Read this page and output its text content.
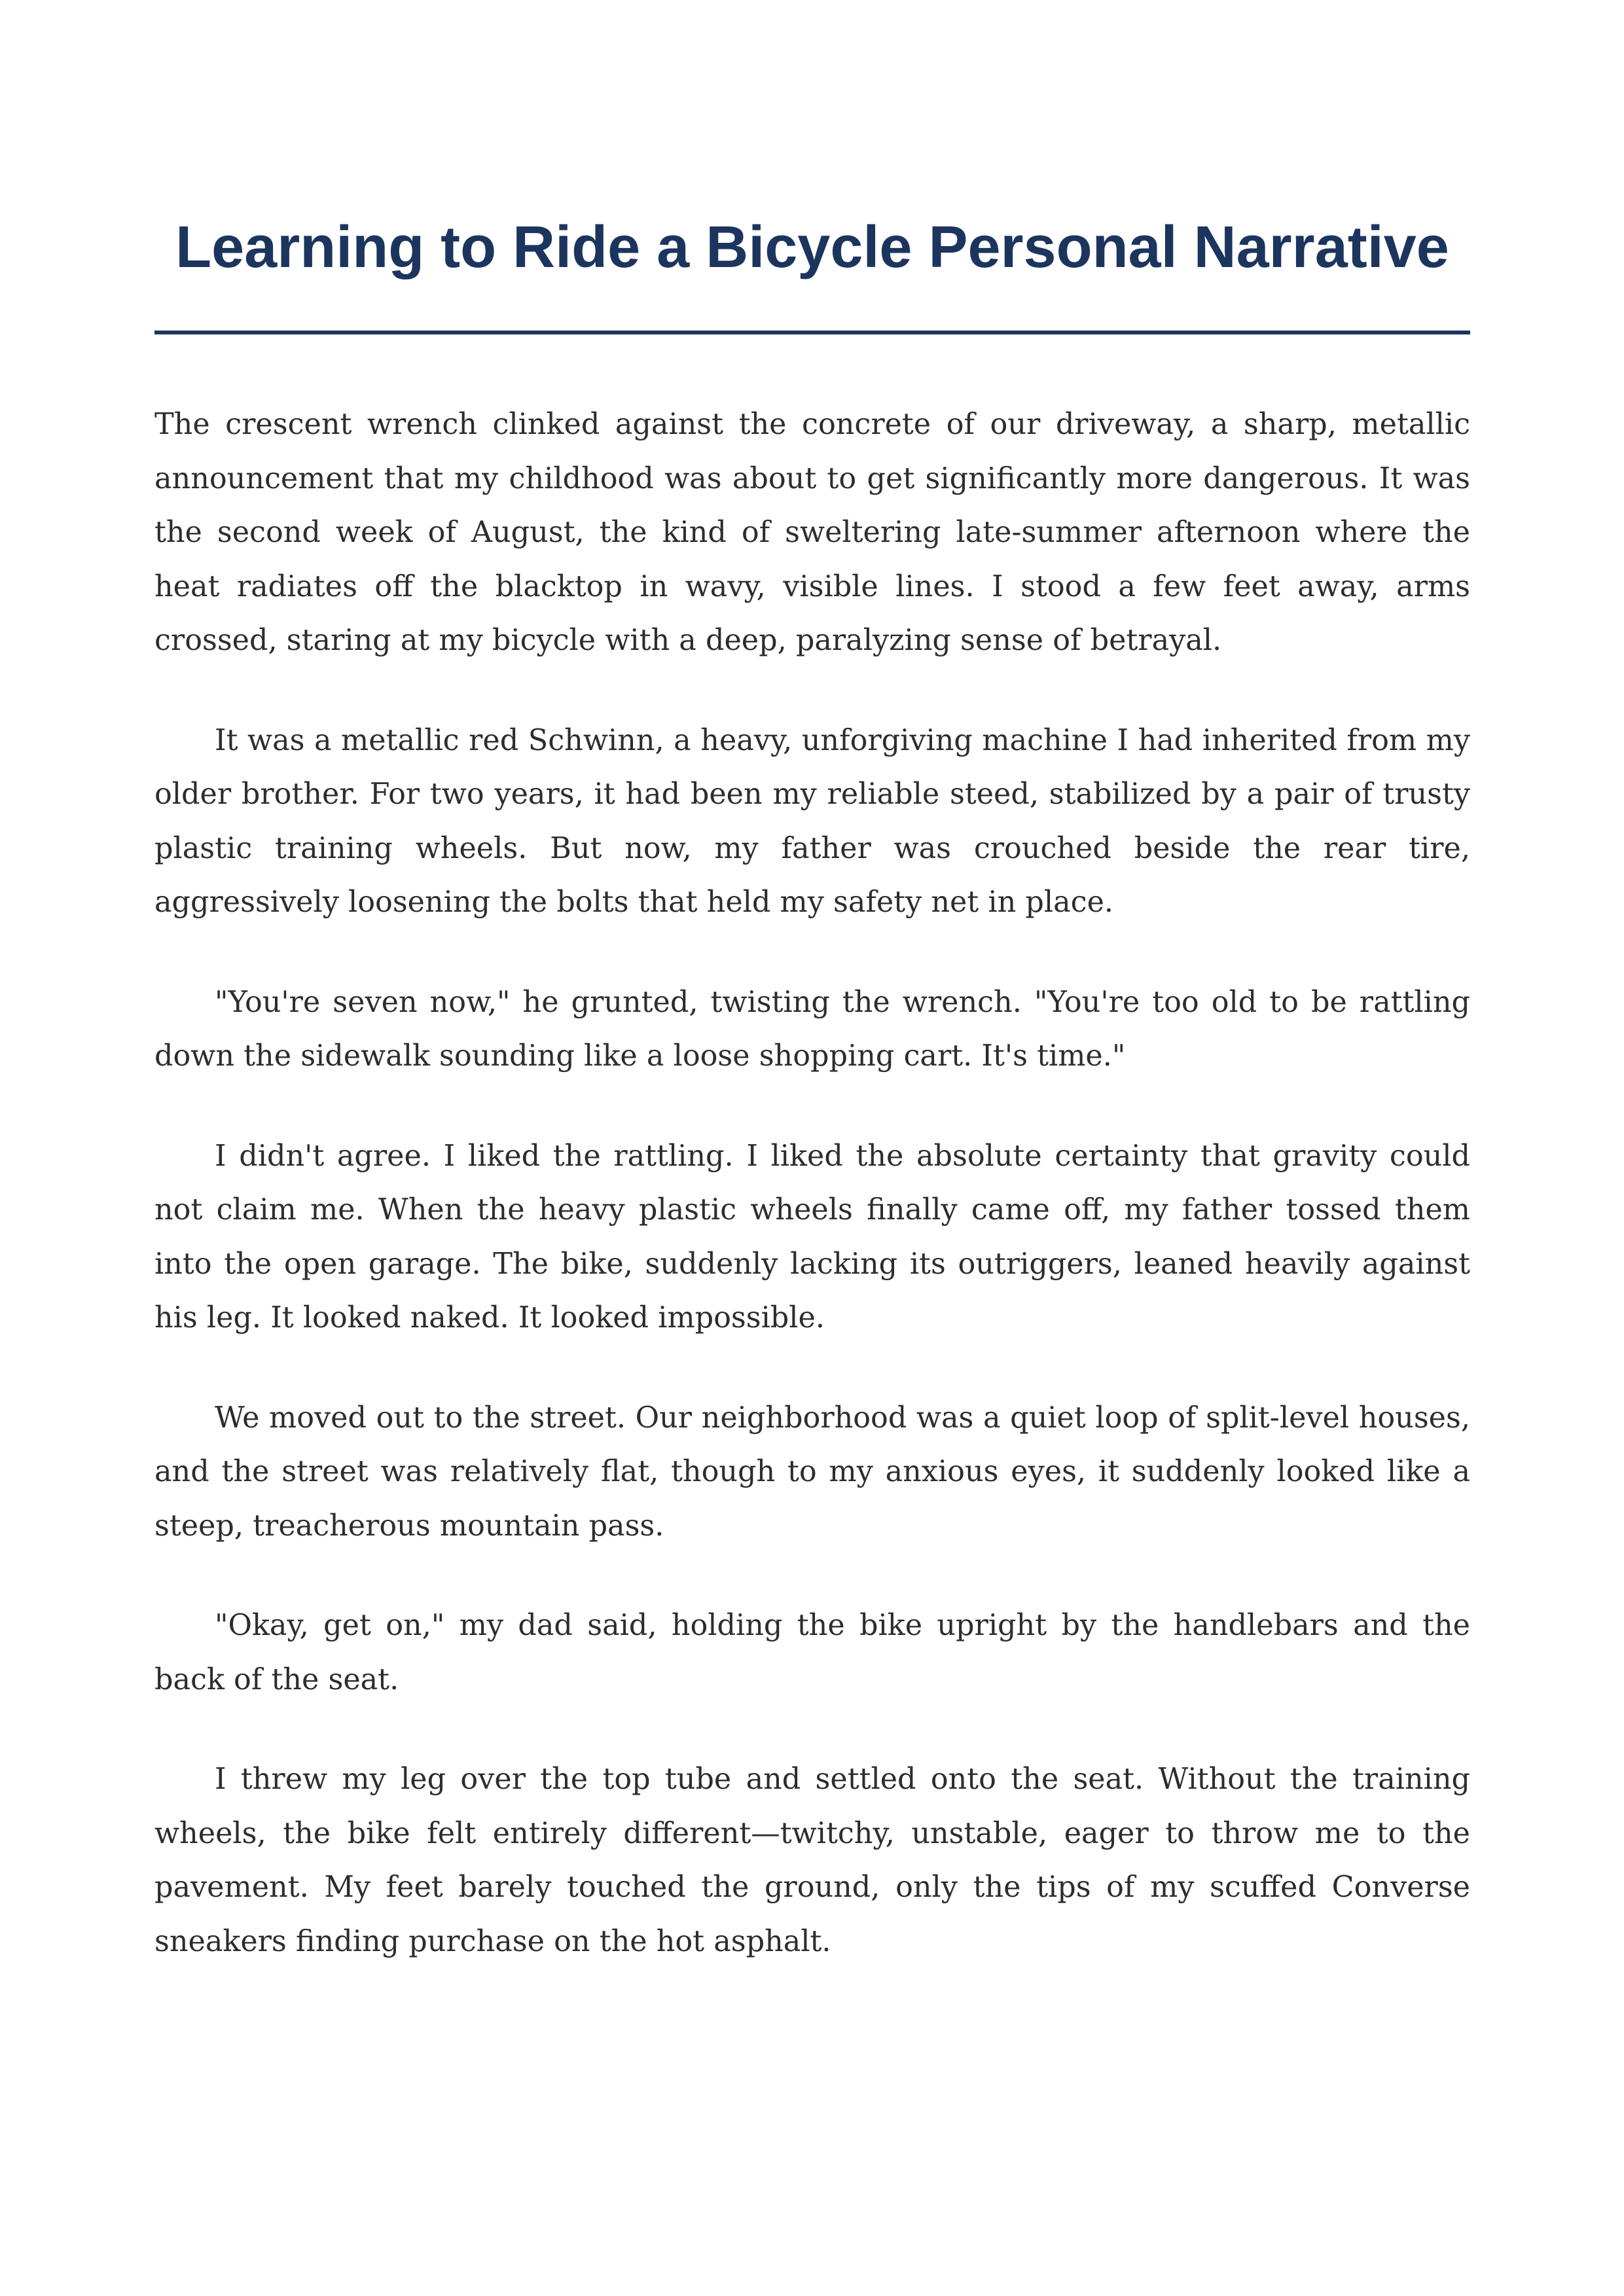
Learning to Ride a Bicycle Personal Narrative

The crescent wrench clinked against the concrete of our driveway, a sharp, metallic announcement that my childhood was about to get significantly more dangerous. It was the second week of August, the kind of sweltering late-summer afternoon where the heat radiates off the blacktop in wavy, visible lines. I stood a few feet away, arms crossed, staring at my bicycle with a deep, paralyzing sense of betrayal.

It was a metallic red Schwinn, a heavy, unforgiving machine I had inherited from my older brother. For two years, it had been my reliable steed, stabilized by a pair of trusty plastic training wheels. But now, my father was crouched beside the rear tire, aggressively loosening the bolts that held my safety net in place.

"You're seven now," he grunted, twisting the wrench. "You're too old to be rattling down the sidewalk sounding like a loose shopping cart. It's time."

I didn't agree. I liked the rattling. I liked the absolute certainty that gravity could not claim me. When the heavy plastic wheels finally came off, my father tossed them into the open garage. The bike, suddenly lacking its outriggers, leaned heavily against his leg. It looked naked. It looked impossible.

We moved out to the street. Our neighborhood was a quiet loop of split-level houses, and the street was relatively flat, though to my anxious eyes, it suddenly looked like a steep, treacherous mountain pass.

"Okay, get on," my dad said, holding the bike upright by the handlebars and the back of the seat.

I threw my leg over the top tube and settled onto the seat. Without the training wheels, the bike felt entirely different—twitchy, unstable, eager to throw me to the pavement. My feet barely touched the ground, only the tips of my scuffed Converse sneakers finding purchase on the hot asphalt.
